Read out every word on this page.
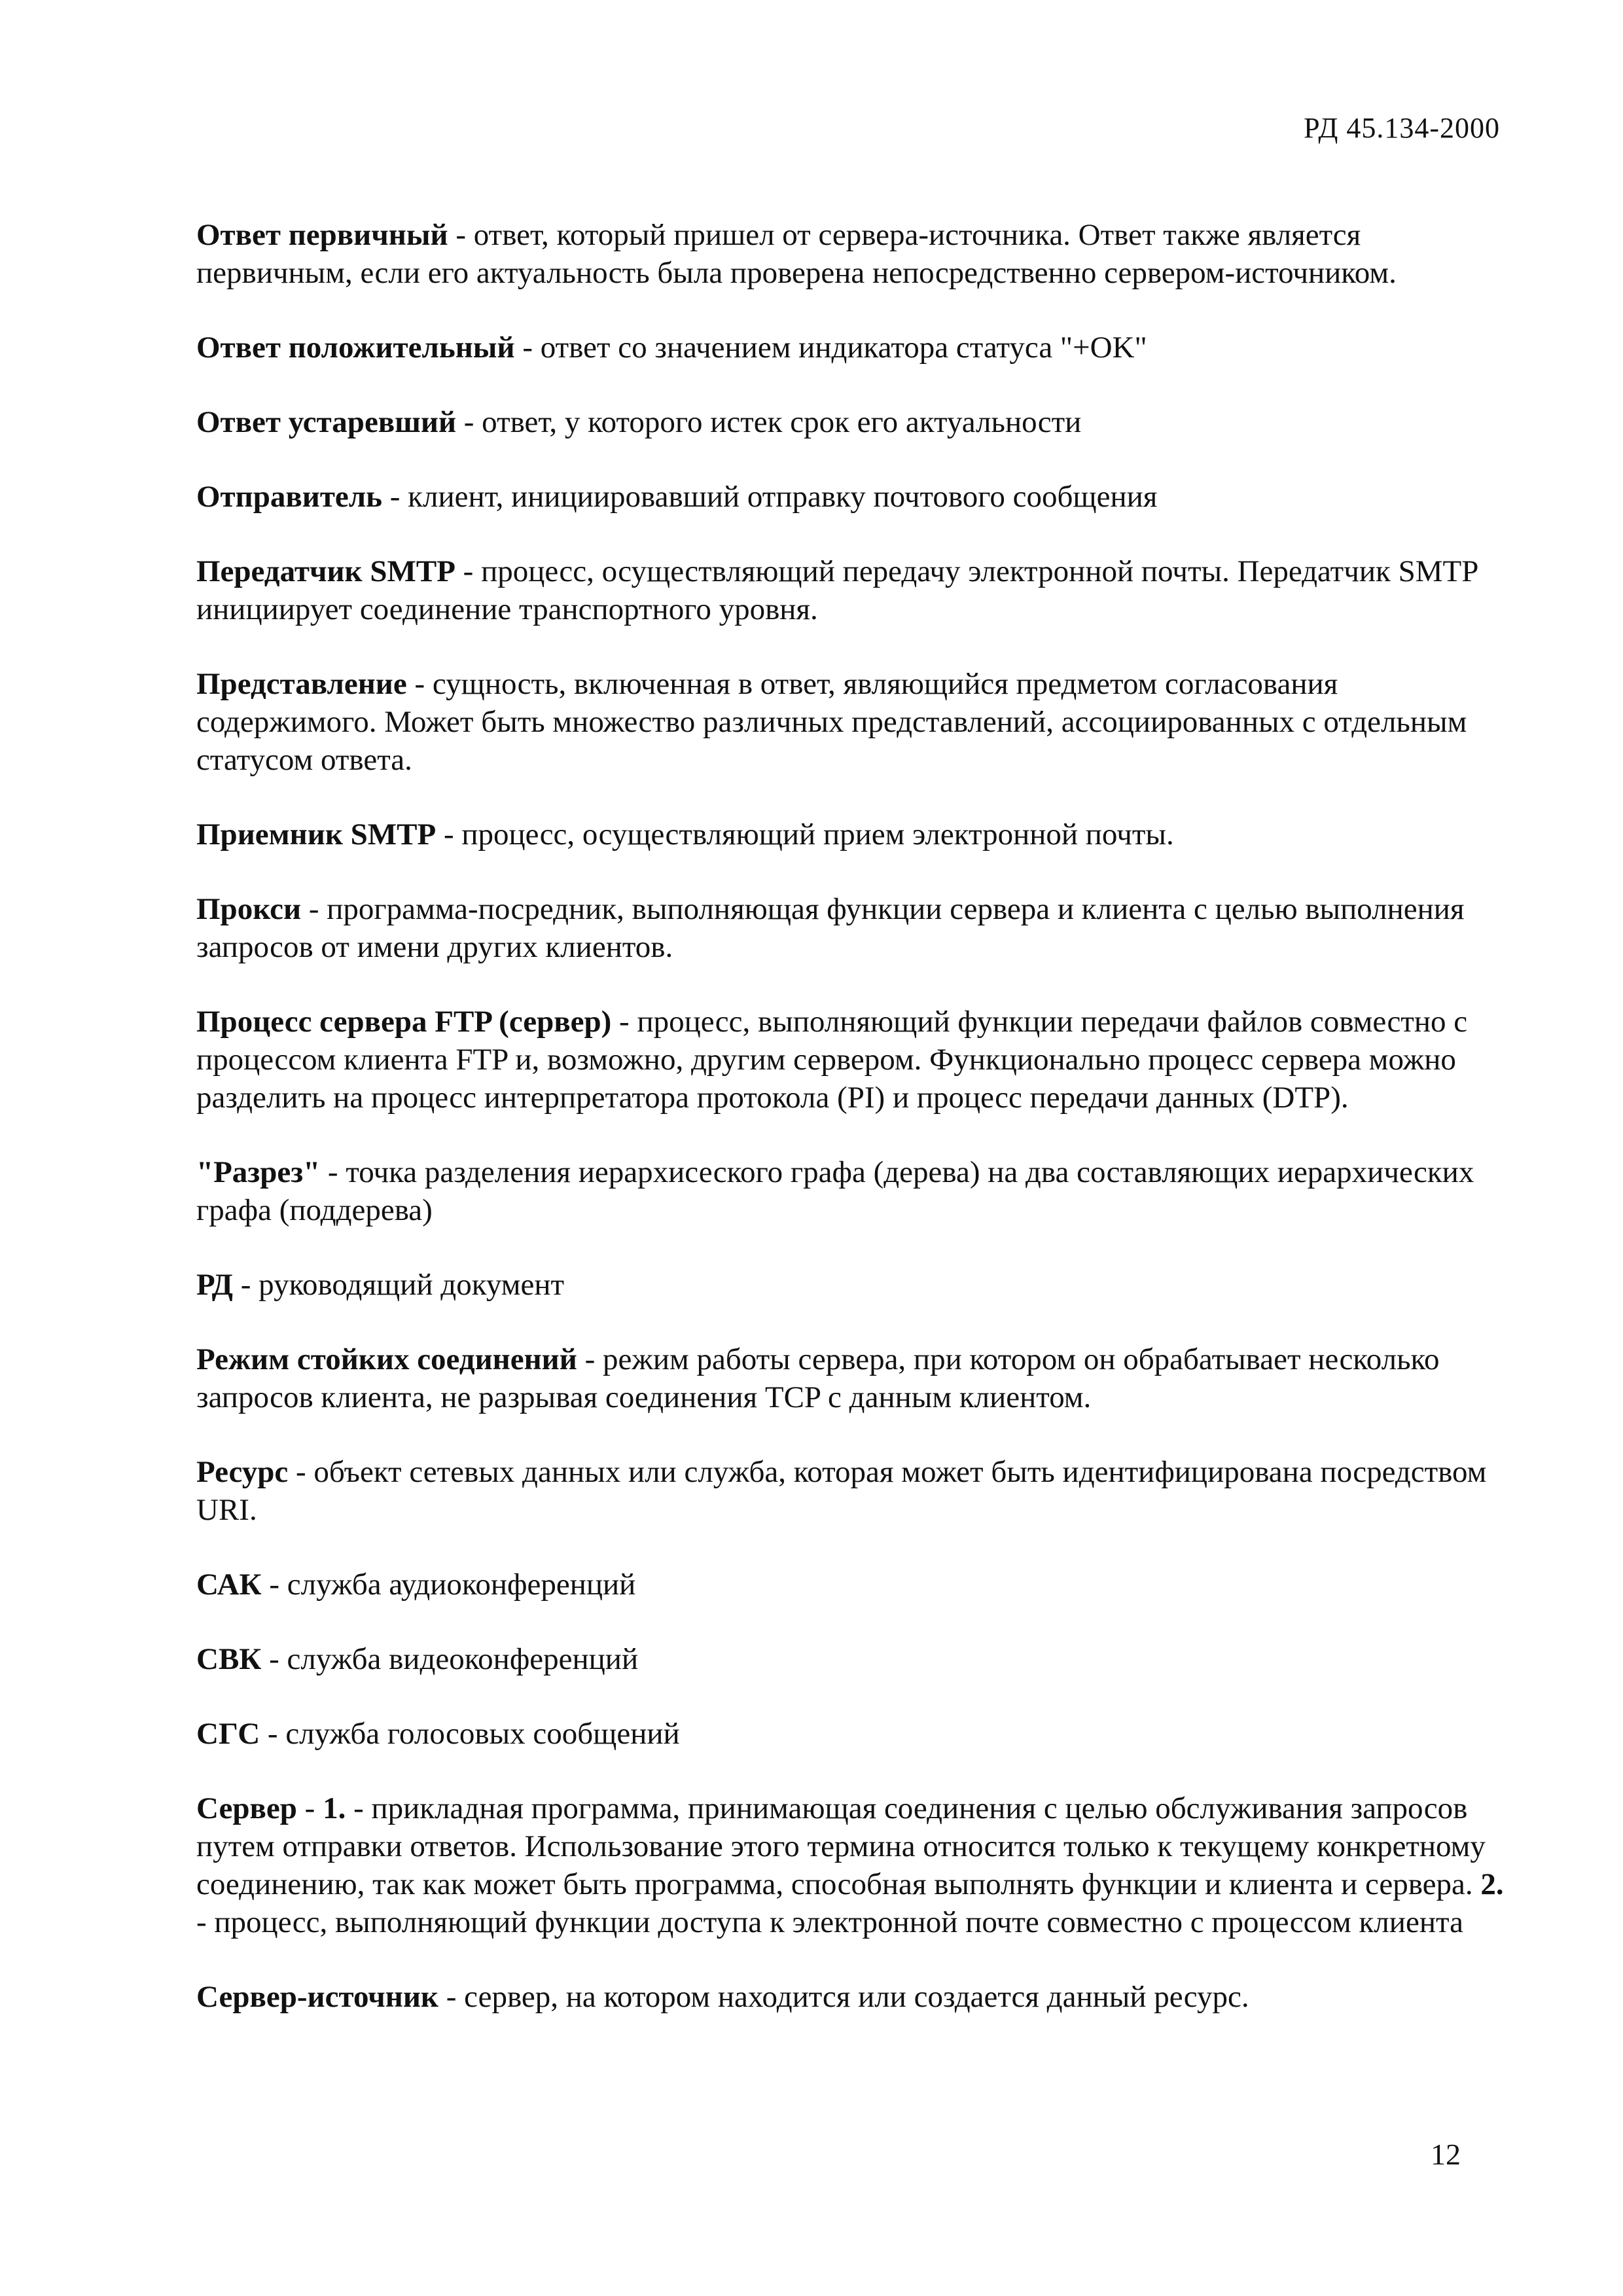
РД 45.134-2000

Ответ первичный - ответ, который пришел от сервера-источника. Ответ также является первичным, если его актуальность была проверена непосредственно сервером-источником.

Ответ положительный - ответ со значением индикатора статуса "+OK"

Ответ устаревший - ответ, у которого истек срок его актуальности

Отправитель - клиент, инициировавший отправку почтового сообщения

Передатчик SMTP - процесс, осуществляющий передачу электронной почты. Передатчик SMTP инициирует соединение транспортного уровня.

Представление - сущность, включенная в ответ, являющийся предметом согласования содержимого. Может быть множество различных представлений, ассоциированных с отдельным статусом ответа.

Приемник SMTP - процесс, осуществляющий прием электронной почты.

Прокси - программа-посредник, выполняющая функции сервера и клиента с целью выполнения запросов от имени других клиентов.

Процесс сервера FTP (сервер) - процесс, выполняющий функции передачи файлов совместно с процессом клиента FTP и, возможно, другим сервером. Функционально процесс сервера можно разделить на процесс интерпретатора протокола (PI) и процесс передачи данных (DTP).

"Разрез" - точка разделения иерархисеского графа (дерева) на два составляющих иерархических графа (поддерева)

РД - руководящий документ

Режим стойких соединений - режим работы сервера, при котором он обрабатывает несколько запросов клиента, не разрывая соединения TCP с данным клиентом.

Ресурс - объект сетевых данных или служба, которая может быть идентифицирована посредством URI.

САК - служба аудиоконференций

СВК - служба видеоконференций

СГС - служба голосовых сообщений

Сервер - 1. - прикладная программа, принимающая соединения с целью обслуживания запросов путем отправки ответов. Использование этого термина относится только к текущему конкретному соединению, так как может быть программа, способная выполнять функции и клиента и сервера. 2. - процесс, выполняющий функции доступа к электронной почте совместно с процессом клиента

Сервер-источник - сервер, на котором находится или создается данный ресурс.

12
